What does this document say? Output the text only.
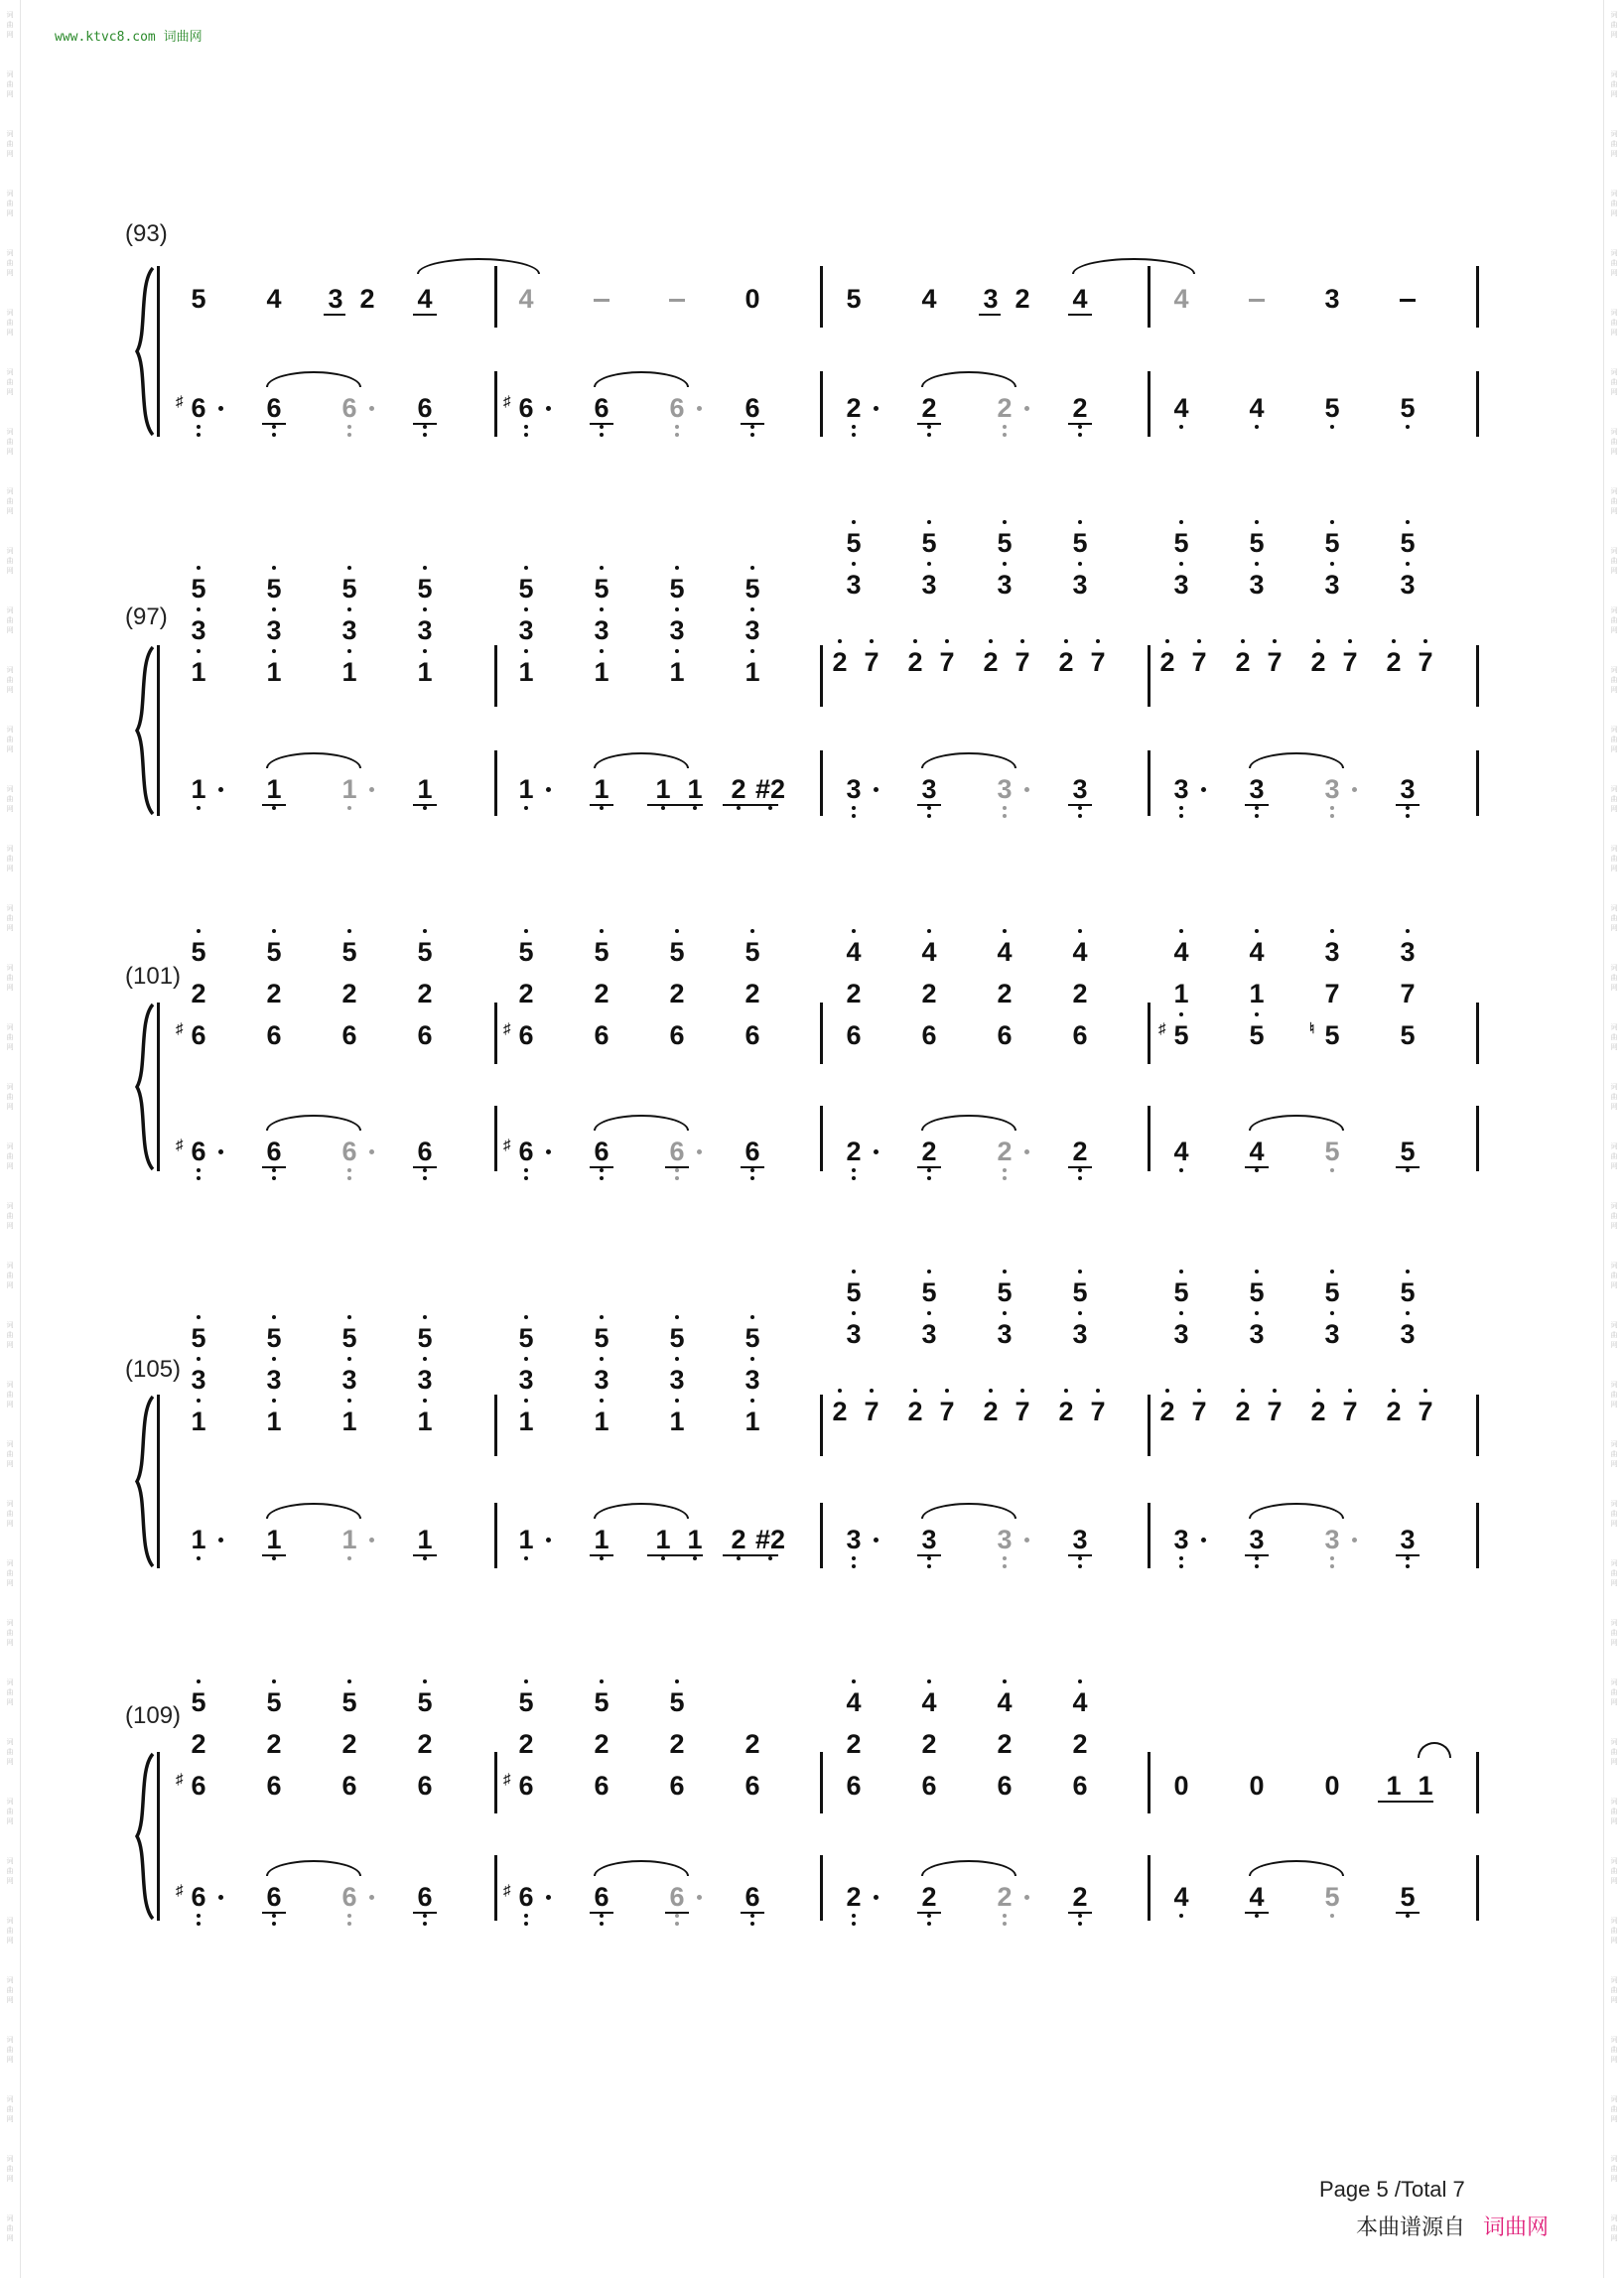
www.ktvc8.com 词曲网
词曲网
词曲网
词曲网
词曲网
词曲网
词曲网
词曲网
词曲网
词曲网
词曲网
词曲网
词曲网
词曲网
词曲网
词曲网
词曲网
词曲网
词曲网
词曲网
词曲网
词曲网
词曲网
词曲网
词曲网
词曲网
词曲网
词曲网
词曲网
词曲网
词曲网
词曲网
词曲网
词曲网
词曲网
词曲网
词曲网
词曲网
词曲网
词曲网
词曲网
词曲网
词曲网
词曲网
词曲网
词曲网
词曲网
词曲网
词曲网
词曲网
词曲网
词曲网
词曲网
词曲网
词曲网
词曲网
词曲网
词曲网
词曲网
词曲网
词曲网
词曲网
词曲网
词曲网
词曲网
词曲网
词曲网
词曲网
词曲网
词曲网
词曲网
词曲网
词曲网
词曲网
词曲网
词曲网
词曲网
5 4 3 2 4	4	0	5 4 3 2 4	4	3
6
♯	6 6 6	6
♯	6 6 6	2 2 2 2	4 4 5 5
5
3
1
5
3
1
5
3
1
5
3
1
5
3
1
5
3
1
5
3
1
5
3
1
5
3
2 7
5
3
2 7
5
3
2 7
5
3
2 7
5
3
2 7
5
3
2 7
5
3
2 7
5
3
2 7
1 1 1 1	1 1 1 1 2 #2 3 3 3 3	3 3 3 3
5
2
6
♯
5
2
6
5
2
6
5
2
6
5
2
6
♯
5
2
6
5
2
6
5
2
6
4
2
6
4
2
6
4
2
6
4
2
6
4
1
5
♯
4
1
5
3
7
5
♮
3
7
5
6
♯	6 6 6	6
♯	6 6 6	2 2 2 2	4 4 5 5
5
3
1
5
3
1
5
3
1
5
3
1
5
3
1
5
3
1
5
3
1
5
3
1
5
3
2 7
5
3
2 7
5
3
2 7
5
3
2 7
5
3
2 7
5
3
2 7
5
3
2 7
5
3
2 7
1 1 1 1	1 1 1 1 2 #2 3 3 3 3	3 3 3 3
5
2
6
♯
5
2
6
5
2
6
5
2
6
5
2
6
♯
5
2
6
5
2
6
2
6
4
2
6
4
2
6
4
2
6
4
2
6	0 0 0 1 1
6
♯	6 6 6	6
♯	6 6 6	2 2 2 2	4 4 5 5
(93)
(97)
(101)
(105)
(109)
Page 5 /Total 7
本曲谱源自 词曲网
